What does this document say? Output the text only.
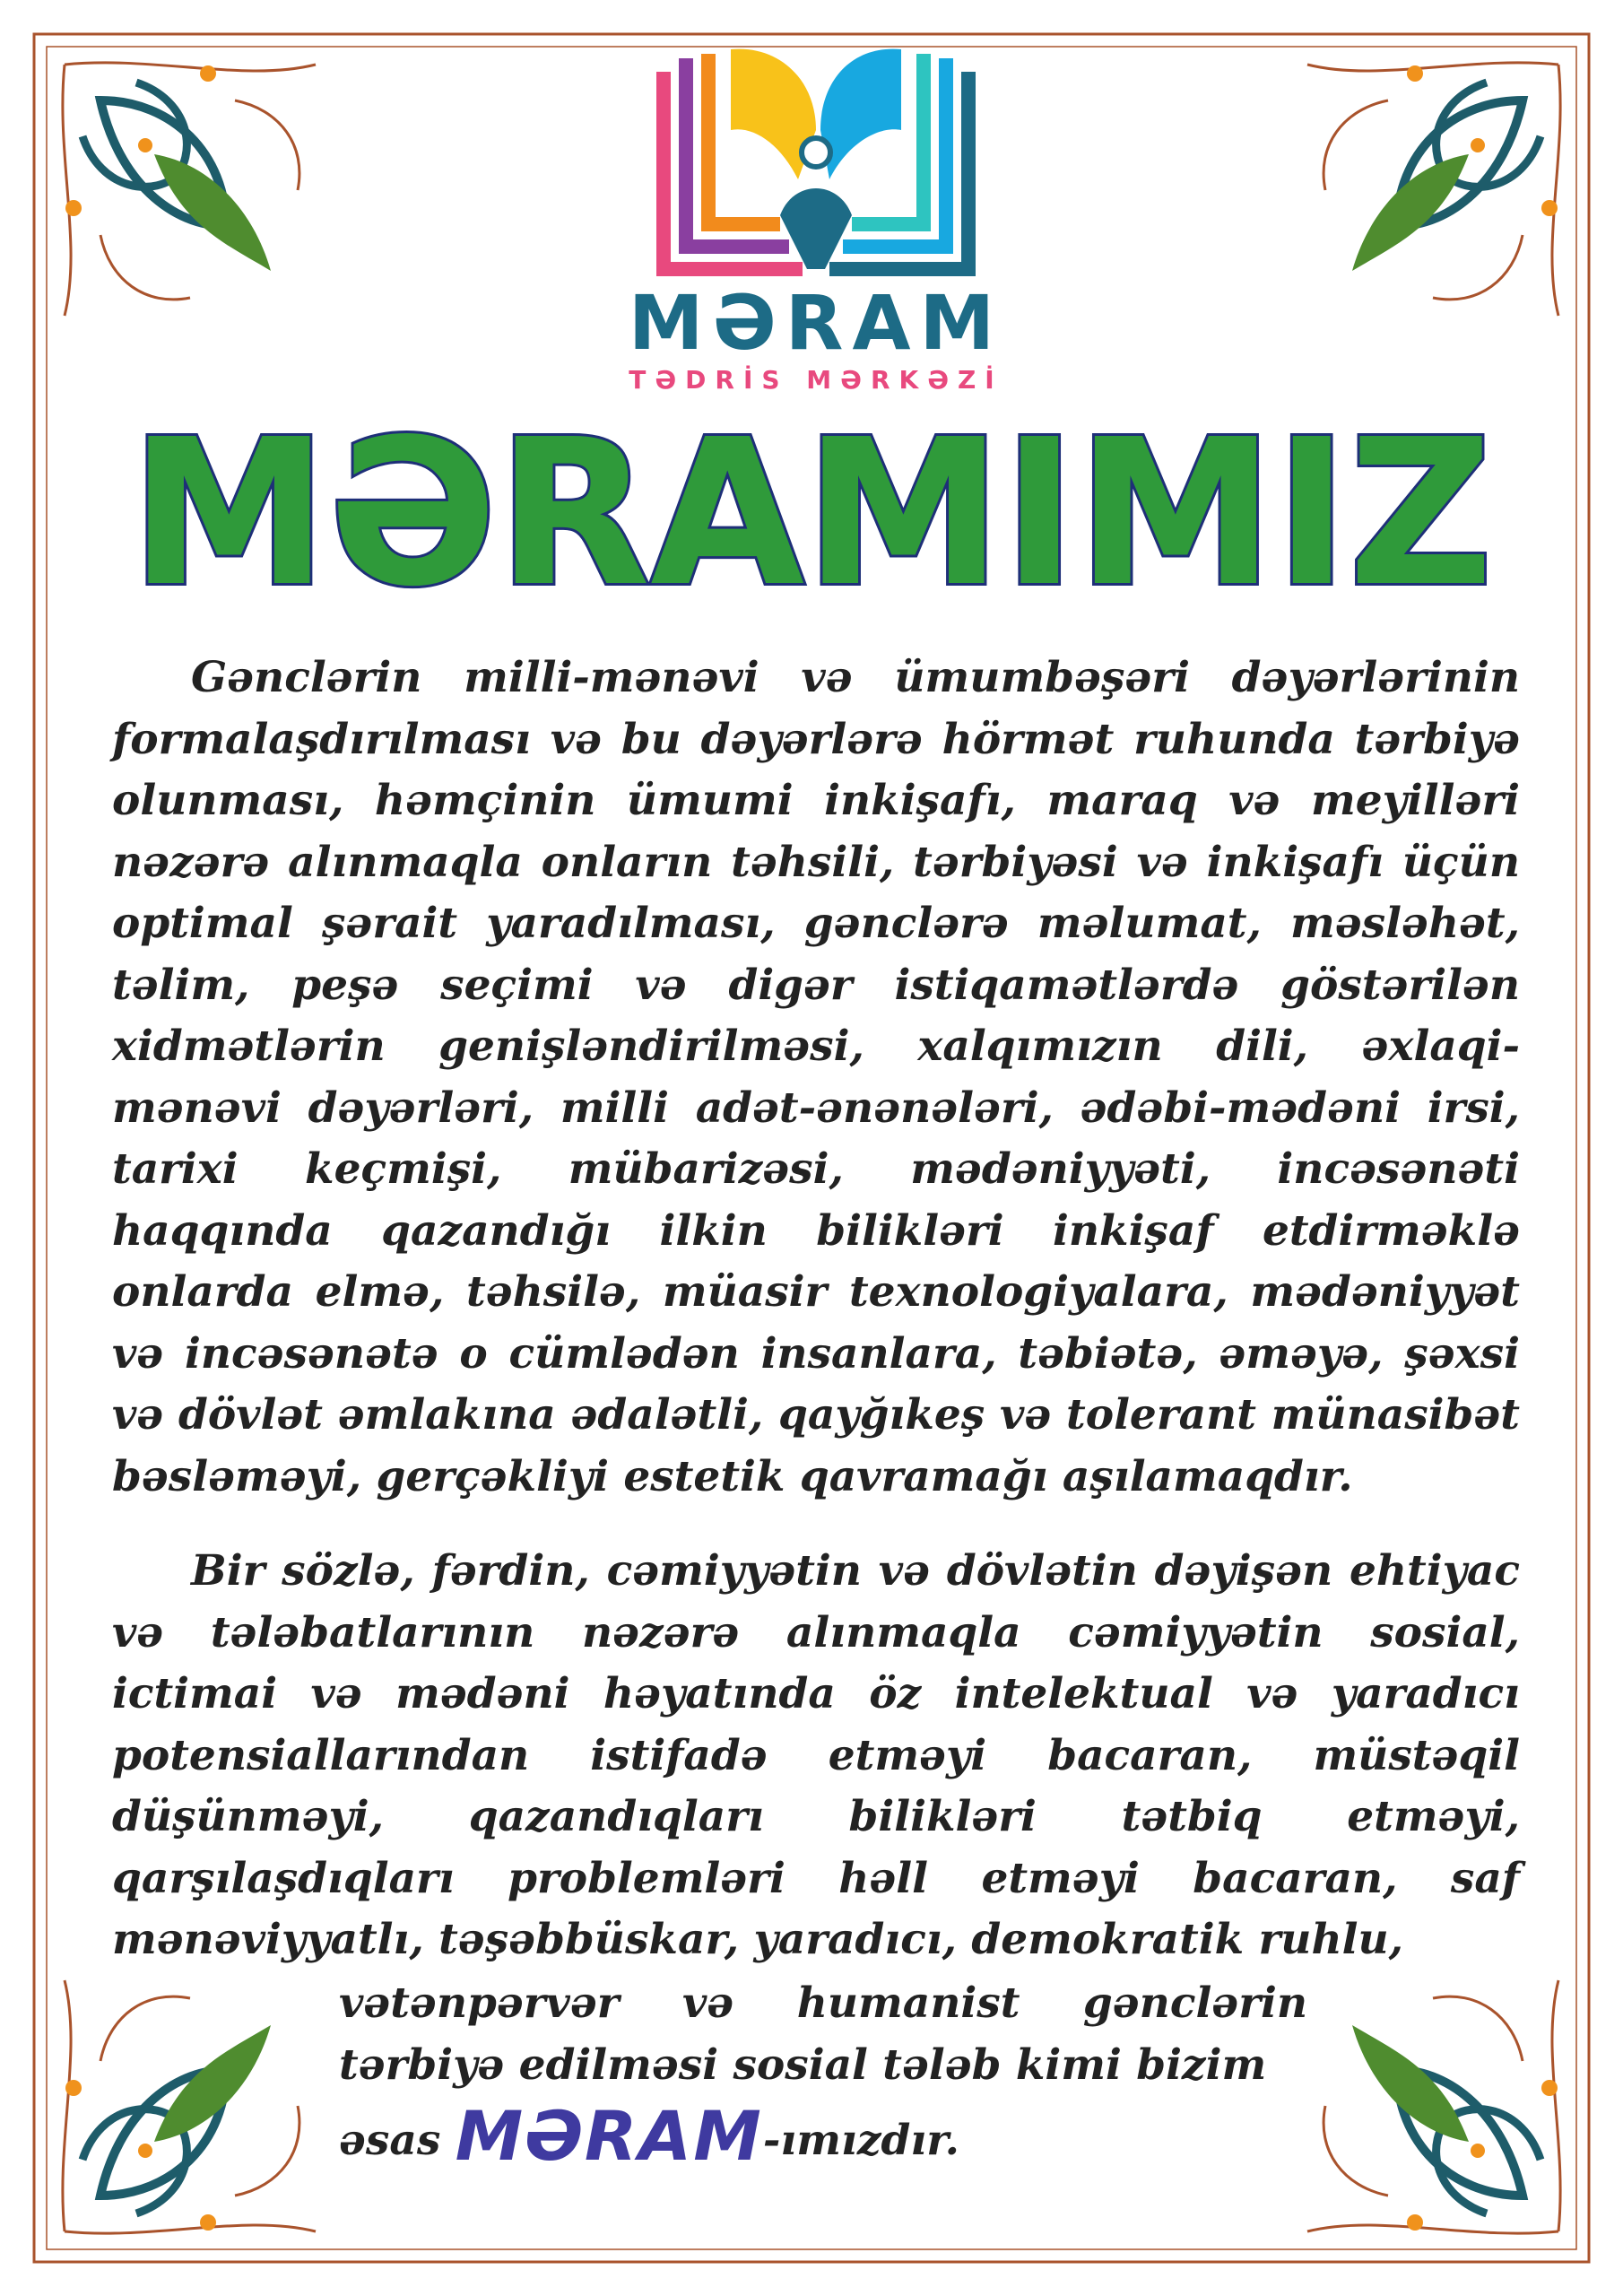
MƏRAM
TƏDRİS MƏRKƏZİ
MƏRAMIMIZ

Gənclərin milli-mənəvi və ümumbəşəri dəyərlərinin formalaşdırılması və bu dəyərlərə hörmət ruhunda tərbiyə olunması, həmçinin ümumi inkişafı, maraq və meyilləri nəzərə alınmaqla onların təhsili, tərbiyəsi və inkişafı üçün optimal şərait yaradılması, gənclərə məlumat, məsləhət, təlim, peşə seçimi və digər istiqamətlərdə göstərilən xidmətlərin genişləndirilməsi, xalqımızın dili, əxlaqi-mənəvi dəyərləri, milli adət-ənənələri, ədəbi-mədəni irsi, tarixi keçmişi, mübarizəsi, mədəniyyəti, incəsənəti haqqında qazandığı ilkin bilikləri inkişaf etdirməklə onlarda elmə, təhsilə, müasir texnologiyalara, mədəniyyət və incəsənətə o cümlədən insanlara, təbiətə, əməyə, şəxsi və dövlət əmlakına ədalətli, qayğıkeş və tolerant münasibət bəsləməyi, gerçəkliyi estetik qavramağı aşılamaqdır.

Bir sözlə, fərdin, cəmiyyətin və dövlətin dəyişən ehtiyac və tələbatlarının nəzərə alınmaqla cəmiyyətin sosial, ictimai və mədəni həyatında öz intelektual və yaradıcı potensiallarından istifadə etməyi bacaran, müstəqil düşünməyi, qazandıqları bilikləri tətbiq etməyi, qarşılaşdıqları problemləri həll etməyi bacaran, saf mənəviyyatlı, təşəbbüskar, yaradıcı, demokratik ruhlu,

vətənpərvər və humanist gənclərin tərbiyə edilməsi sosial tələb kimi bizim

əsas MƏRAM-ımızdır.
